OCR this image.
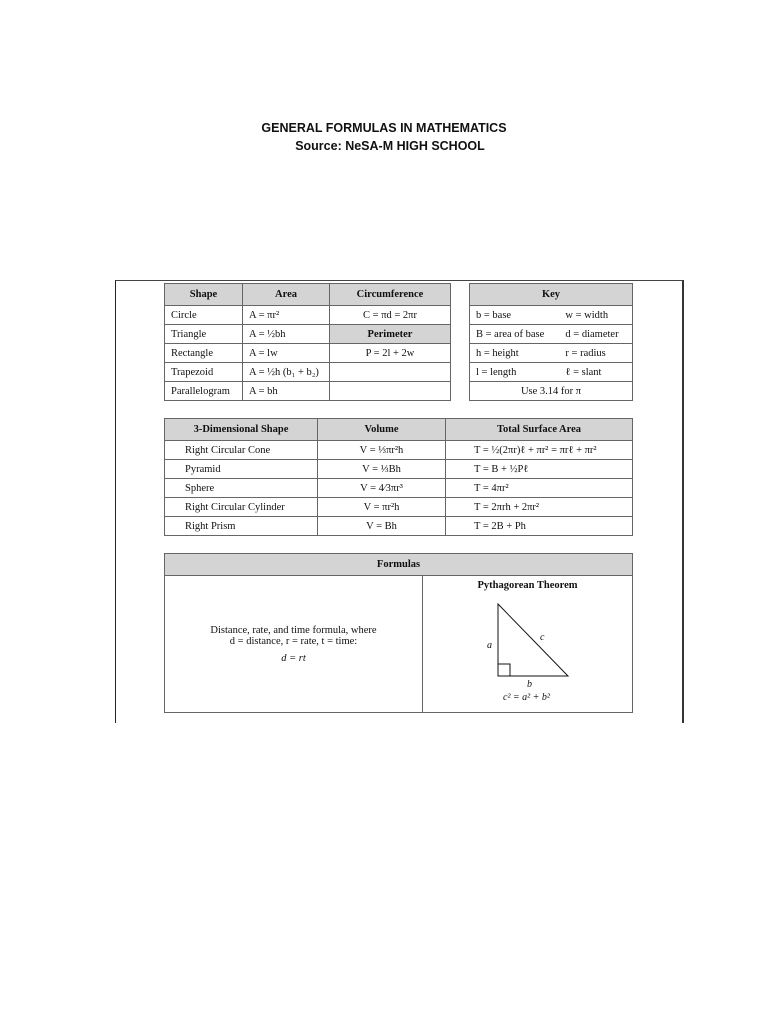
GENERAL FORMULAS IN MATHEMATICS
Source: NeSA-M HIGH SCHOOL
Shape	Area	Circumference
Circle	A = πr²	C = πd = 2πr
Triangle	A = ½bh	Perimeter
Rectangle	A = lw	P = 2l + 2w
Trapezoid	A = ½h (b₁ + b₂)	
Parallelogram	A = bh	
Key	
b = base	w = width
B = area of base	d = diameter
h = height	r = radius
l = length	ℓ = slant
Use 3.14 for π	
3-Dimensional Shape	Volume	Total Surface Area
Right Circular Cone	V = ⅓πr²h	T = ½(2πr)ℓ + πr² = πrℓ + πr²
Pyramid	V = ⅓Bh	T = B + ½Pℓ
Sphere	V = 4⁄3πr³	T = 4πr²
Right Circular Cylinder	V = πr²h	T = 2πrh + 2πr²
Right Prism	V = Bh	T = 2B + Ph
Formulas

Distance, rate, and time formula, where
d = distance, r = rate, t = time:
d = rt

Pythagorean Theorem
a
c
b
c² = a² + b²
